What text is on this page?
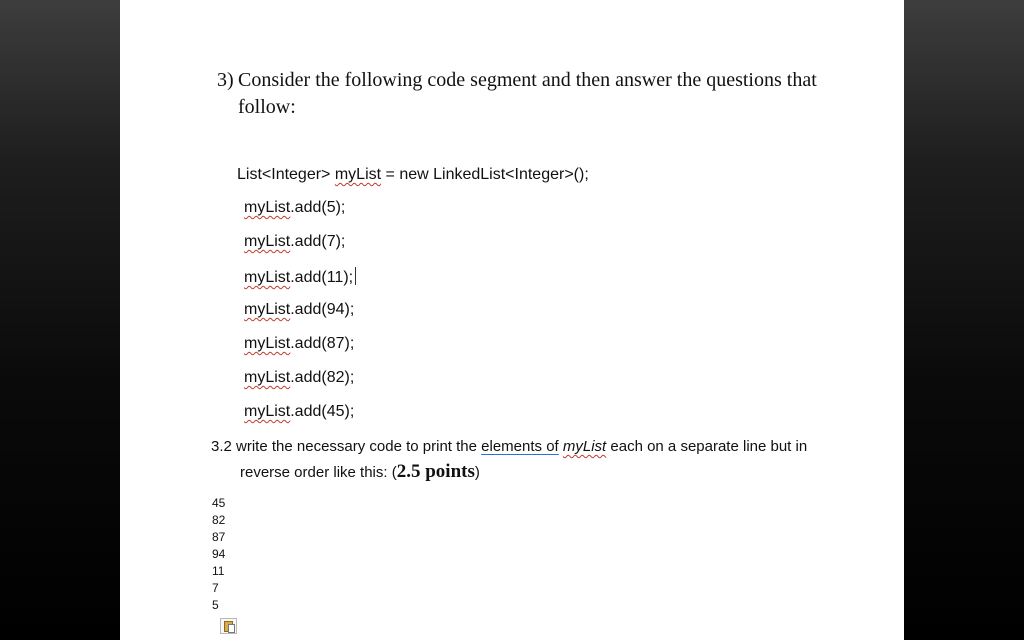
3) Consider the following code segment and then answer the questions that
follow:
List<Integer> myList = new LinkedList<Integer>();
myList.add(5);
myList.add(7);
myList.add(11);
myList.add(94);
myList.add(87);
myList.add(82);
myList.add(45);
3.2 write the necessary code to print the elements of myList each on a separate line but in
reverse order like this: (2.5 points)
45
82
87
94
11
7
5
